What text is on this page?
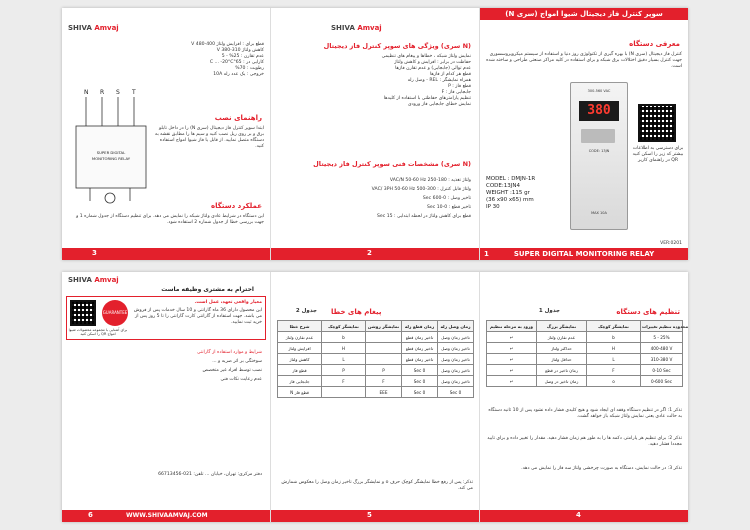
SHIVA Amvaj
قطع برای : افزایش ولتاژ 400-480 V
کاهش ولتاژ 310-380 V
عدم تقارن : 25% - 5
کارایی در : 65°C ... -20°C
رطوبت : 70%
خروجی : یک عدد رله 10A
N R S T
SUPER DIGITAL
MONITORING RELAY
راهنمای نصب
ابتدا سوپر کنترل فاز دیجیتال (سری N) را در داخل تابلو برق و بر روی ریل نصب کنید و سیم ها را مطابق نقشه به دستگاه متصل نمایید. از قابل یا فاز شیوا امواج استفاده کنید.
عملکرد دستگاه
این دستگاه در شرایط عادی ولتاژ شبکه را نمایش می دهد. برای تنظیم دستگاه از جدول شماره 1 و جهت بررسی خطا از جدول شماره 2 استفاده شود.
3
SHIVA Amvaj
ویژگی های سوپر کنترل فاز دیجیتال (سری N)
نمایش ولتاژ شبکه ، خطاها و پیغام های تنظیمی
حفاظت در برابر : افزایش و کاهش ولتاژ
عدم توالی (جابجایی) و عدم تقارن فازها
قطع هر کدام از فازها
همراه نمایشگر : REL - وصل رله
قطع فاز : P
جابجایی فاز : F
تنظیم پارامترهای حفاظتی با استفاده از کلیدها
نمایش خطای جابجایی فاز ورودی
مشخصات فنی سوپر کنترل فاز دیجیتال (سری N)
ولتاژ تغذیه : 180-250 VAC/N 50-60 Hz
ولتاژ قابل کنترل : 300-500 VAC/ 3PH 50-60 Hz
تاخیر وصل : 0-600 Sec
تاخیر قطع : 0-10 Sec
قطع برای کاهش ولتاژ در لحظه ابتدایی : 15 Sec
2
سوپر کنترل فاز دیجیتال شیوا امواج (سری N)
معرفی دستگاه
کنترل فاز دیجیتال (سری N) با بهره گیری از تکنولوژی روز دنیا و استفاده از سیستم میکروپروسسوری جهت کنترل بسیار دقیق اختلالات برق شبکه و برای استفاده در کلیه مراکز صنعتی طراحی و ساخته شده است.
300-560 VAC
380
CODE: 13JN
MAX 10A
برای دسترسی به اطلاعات بیشتر کد زیر را اسکن کنید QR در راهنمای کاربر
MODEL : DMJN-1R
CODE:13JN4
WEIGHT :115 gr
(36 x90 x65) mm
IP 30
VER:0201
1	SUPER DIGITAL MONITORING RELAY
SHIVA Amvaj
احترام به مشتری وظیفه ماست
GUARANTEE
برای آشنایی با مجموعه محصولات شیوا امواج QR را اسکن کنید
معیار واقعی تعهد، عمل است.
این محصول دارای 36 ماه گارانتی و 10 سال خدمات پس از فروش می باشد. جهت استفاده از گارانتی کارت گارانتی را تا 5 روز پس از خرید ثبت نمایید.
شرایط و موارد استفاده از گارانتی
سوختگی بر اثر ضربه و ...
نصب توسط افراد غیر متخصص
عدم رعایت نکات فنی
دفتر مرکزی: تهران، خیابان ... تلفن: 021-66713456
6	WWW.SHIVAAMVAJ.COM
پیغام های خطا
جدول 2
زمان وصل رله	زمان قطع رله	نمایشگر روشن	نمایشگر کوچک	شرح خطا
تاخیر زمان وصل	تاخیر زمان قطع		b	عدم تقارن ولتاژ
تاخیر زمان وصل	تاخیر زمان قطع		H	افزایش ولتاژ
تاخیر زمان وصل	تاخیر زمان قطع		L	کاهش ولتاژ
تاخیر زمان وصل	0 Sec	P	P	قطع فاز
تاخیر زمان وصل	0 Sec	F	F	جابجایی فاز
0 Sec	0 Sec	EEE		قطع فاز N
تذکر: پس از رفع خطا نمایشگر کوچک حرف o و نمایشگر بزرگ تاخیر زمان وصل را معکوس شمارش می کند.
5
تنظیم های دستگاه
جدول 1
ورود به مرحله تنظیم	نمایشگر بزرگ	نمایشگر کوچک	محدوده تنظیم تغییرات
↵	عدم تقارن ولتاژ	b	5 - 25%
↵	حداکثر ولتاژ	H	400-480 V
↵	حداقل ولتاژ	L	310-380 V
↵	زمان تاخیر در قطع	F	0-10 Sec
↵	زمان تاخیر در وصل	o	0-600 Sec
تذکر 1: اگر در تنظیم دستگاه وقفه ای ایجاد شود و هیچ کلیدی فشار داده نشود پس از 10 ثانیه دستگاه به حالت عادی یعنی نمایش ولتاژ شبکه باز خواهد گشت.
تذکر 2: برای تنظیم هر پارامتر، دکمه ها را به طور هم زمان فشار دهید. مقدار را تغییر داده و برای تایید مجددا فشار دهید.
تذکر 3: در حالت نمایش، دستگاه به صورت چرخشی ولتاژ سه فاز را نمایش می دهد.
4
